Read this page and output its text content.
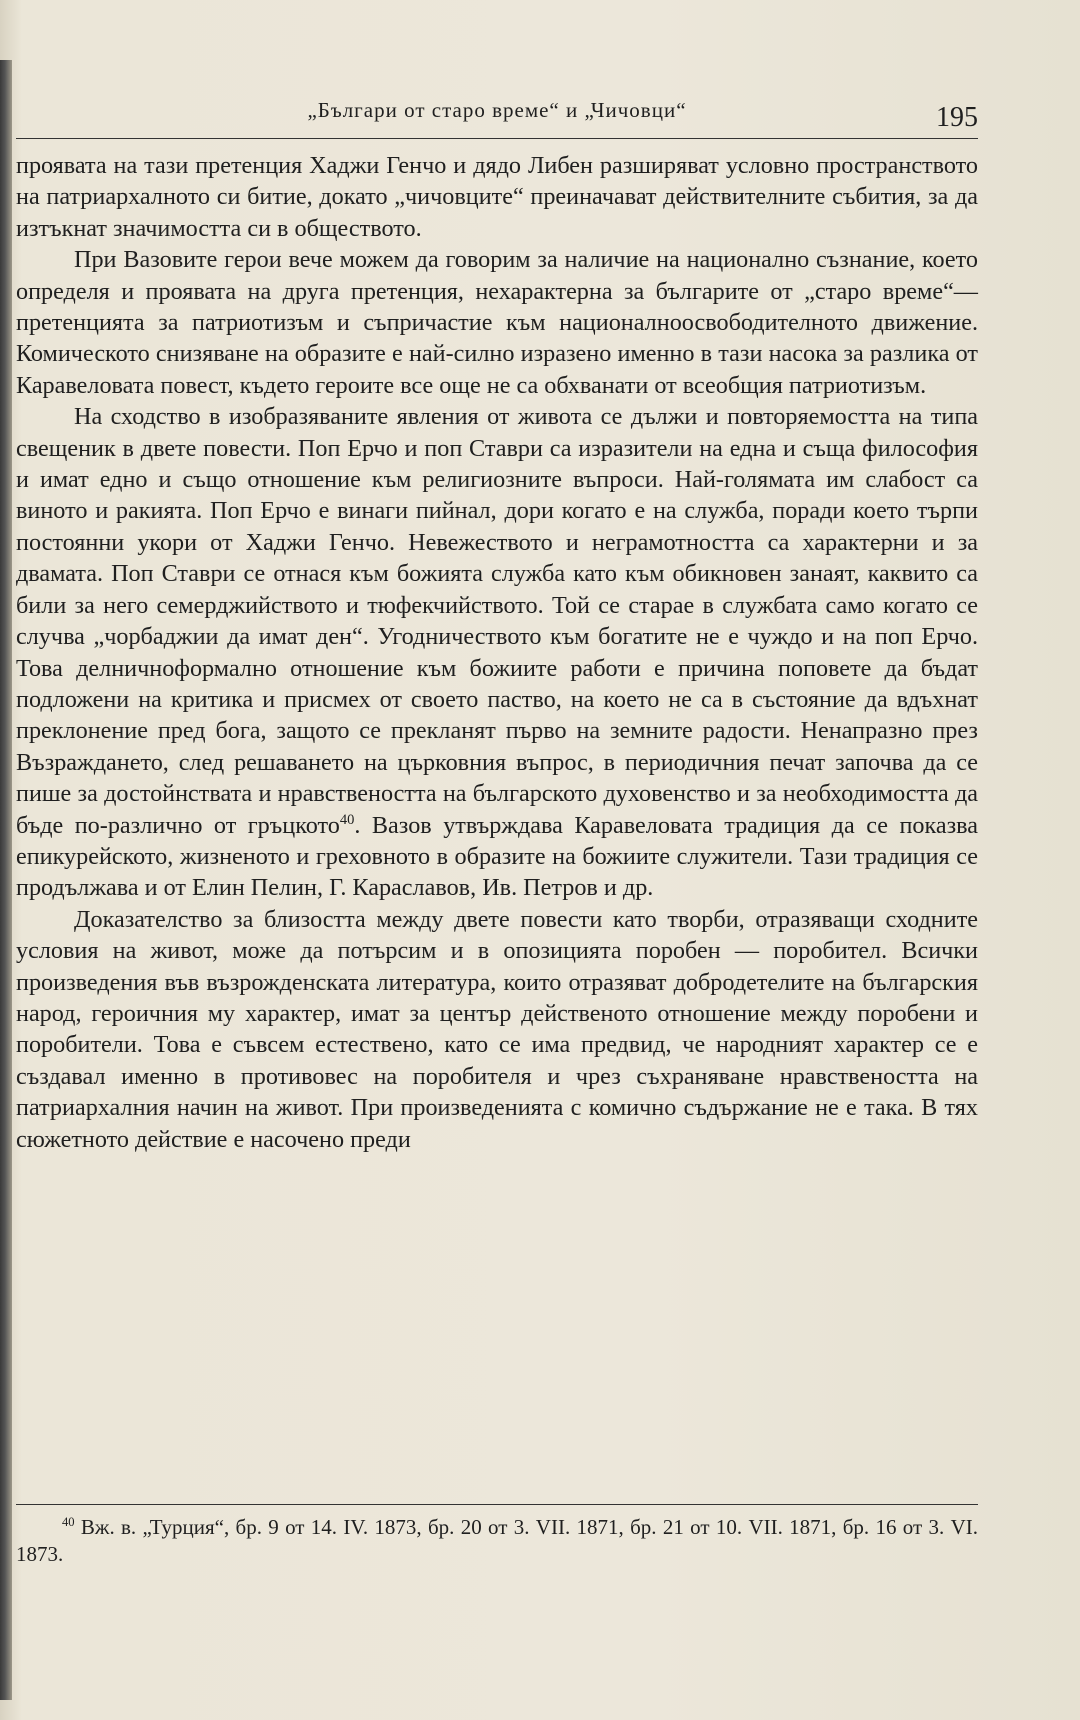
„Българи от старо време“ и „Чичовци“	195

проявата на тази претенция Хаджи Генчо и дядо Либен разширяват условно пространството на патриархалното си битие, докато „чичовците“ преиначават действителните събития, за да изтъкнат значимостта си в обществото.

При Вазовите герои вече можем да говорим за наличие на национално съзнание, което определя и проявата на друга претенция, нехарактерна за българите от „старо време“—претенцията за патриотизъм и съпричастие към националноосвободителното движение. Комическото снизяване на образите е най-силно изразено именно в тази насока за разлика от Каравеловата повест, където героите все още не са обхванати от всеобщия патриотизъм.

На сходство в изобразяваните явления от живота се дължи и повторяемостта на типа свещеник в двете повести. Поп Ерчо и поп Ставри са изразители на една и съща философия и имат едно и също отношение към религиозните въпроси. Най-голямата им слабост са виното и ракията. Поп Ерчо е винаги пийнал, дори когато е на служба, поради което търпи постоянни укори от Хаджи Генчо. Невежеството и неграмотността са характерни и за двамата. Поп Ставри се отнася към божията служба като към обикновен занаят, каквито са били за него семерджийството и тюфекчийството. Той се старае в службата само когато се случва „чорбаджии да имат ден“. Угодничеството към богатите не е чуждо и на поп Ерчо. Това делничноформално отношение към божиите работи е причина поповете да бъдат подложени на критика и присмех от своето паство, на което не са в състояние да вдъхнат преклонение пред бога, защото се прекланят първо на земните радости. Ненапразно през Възраждането, след решаването на църковния въпрос, в периодичния печат започва да се пише за достойнствата и нравствеността на българското духовенство и за необходимостта да бъде по-различно от гръцкото$^{40}$. Вазов утвърждава Каравеловата традиция да се показва епикурейското, жизненото и греховното в образите на божиите служители. Тази традиция се продължава и от Елин Пелин, Г. Караславов, Ив. Петров и др.

Доказателство за близостта между двете повести като творби, отразяващи сходните условия на живот, може да потърсим и в опозицията поробен — поробител. Всички произведения във възрожденската литература, които отразяват добродетелите на българския народ, героичния му характер, имат за център действеното отношение между поробени и поробители. Това е съвсем естествено, като се има предвид, че народният характер се е създавал именно в противовес на поробителя и чрез съхраняване нравствеността на патриархалния начин на живот. При произведенията с комично съдържание не е така. В тях сюжетното действие е насочено преди

$^{40}$ Вж. в. „Турция“, бр. 9 от 14. IV. 1873, бр. 20 от 3. VII. 1871, бр. 21 от 10. VII. 1871, бр. 16 от 3. VI. 1873.
